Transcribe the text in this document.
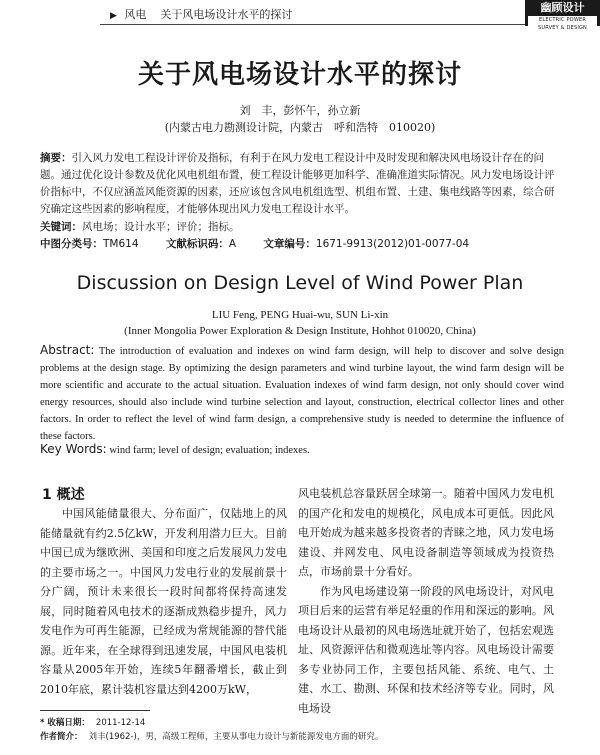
▶ 风电 关于风电场设计水平的探讨
幽顾设计
ELECTRIC POWER SURVEY & DESIGN
关于风电场设计水平的探讨
刘　丰，彭怀午，孙立新
(内蒙古电力勘测设计院，内蒙古　呼和浩特　010020)
摘要：引入风力发电工程设计评价及指标，有利于在风力发电工程设计中及时发现和解决风电场设计存在的问题。通过优化设计参数及优化风电机组布置，使工程设计能够更加科学、准确准道实际情况。风力发电场设计评价指标中，不仅应涵盖风能资源的因素，还应该包含风电机组选型、机组布置、土建、集电线路等因素，综合研究确定这些因素的影响程度，才能够体现出风力发电工程设计水平。
关键词：风电场；设计水平；评价；指标。
中图分类号：TM614	文献标识码：A	文章编号：1671-9913(2012)01-0077-04
Discussion on Design Level of Wind Power Plan
LIU Feng, PENG Huai-wu, SUN Li-xin
(Inner Mongolia Power Exploration & Design Institute, Hohhot 010020, China)
Abstract: The introduction of evaluation and indexes on wind farm design, will help to discover and solve design problems at the design stage. By optimizing the design parameters and wind turbine layout, the wind farm design will be more scientific and accurate to the actual situation. Evaluation indexes of wind farm design, not only should cover wind energy resources, should also include wind turbine selection and layout, construction, electrical collector lines and other factors. In order to reflect the level of wind farm design, a comprehensive study is needed to determine the influence of these factors.
Key Words: wind farm; level of design; evaluation; indexes.
1 概述

中国风能储量很大、分布面广，仅陆地上的风能储量就有约2.5亿kW，开发利用潜力巨大。目前中国已成为继欧洲、美国和印度之后发展风力发电的主要市场之一。中国风力发电行业的发展前景十分广阔，预计未来很长一段时间都将保持高速发展，同时随着风电技术的逐渐成熟稳步提升，风力发电作为可再生能源，已经成为常规能源的替代能源。近年来，在全球得到迅速发展，中国风电装机容量从2005年开始，连续5年翻番增长，截止到2010年底，累计装机容量达到4200万kW，

风电装机总容量跃居全球第一。随着中国风力发电机的国产化和发电的规模化，风电成本可更低。因此风电开始成为越来越多投资者的青睐之地，风力发电场建设、并网发电、风电设备制造等领域成为投资热点，市场前景十分看好。

作为风电场建设第一阶段的风电场设计，对风电项目后来的运营有举足轻重的作用和深远的影响。风电场设计从最初的风电场选址就开始了，包括宏观选址、风资源评估和微观选址等内容。风电场设计需要多专业协同工作，主要包括风能、系统、电气、土建、水工、勘测、环保和技术经济等专业。同时，风电场设

* 收稿日期： 2011-12-14
作者简介： 刘丰(1962-)，男，高级工程师，主要从事电力设计与新能源发电方面的研究。
